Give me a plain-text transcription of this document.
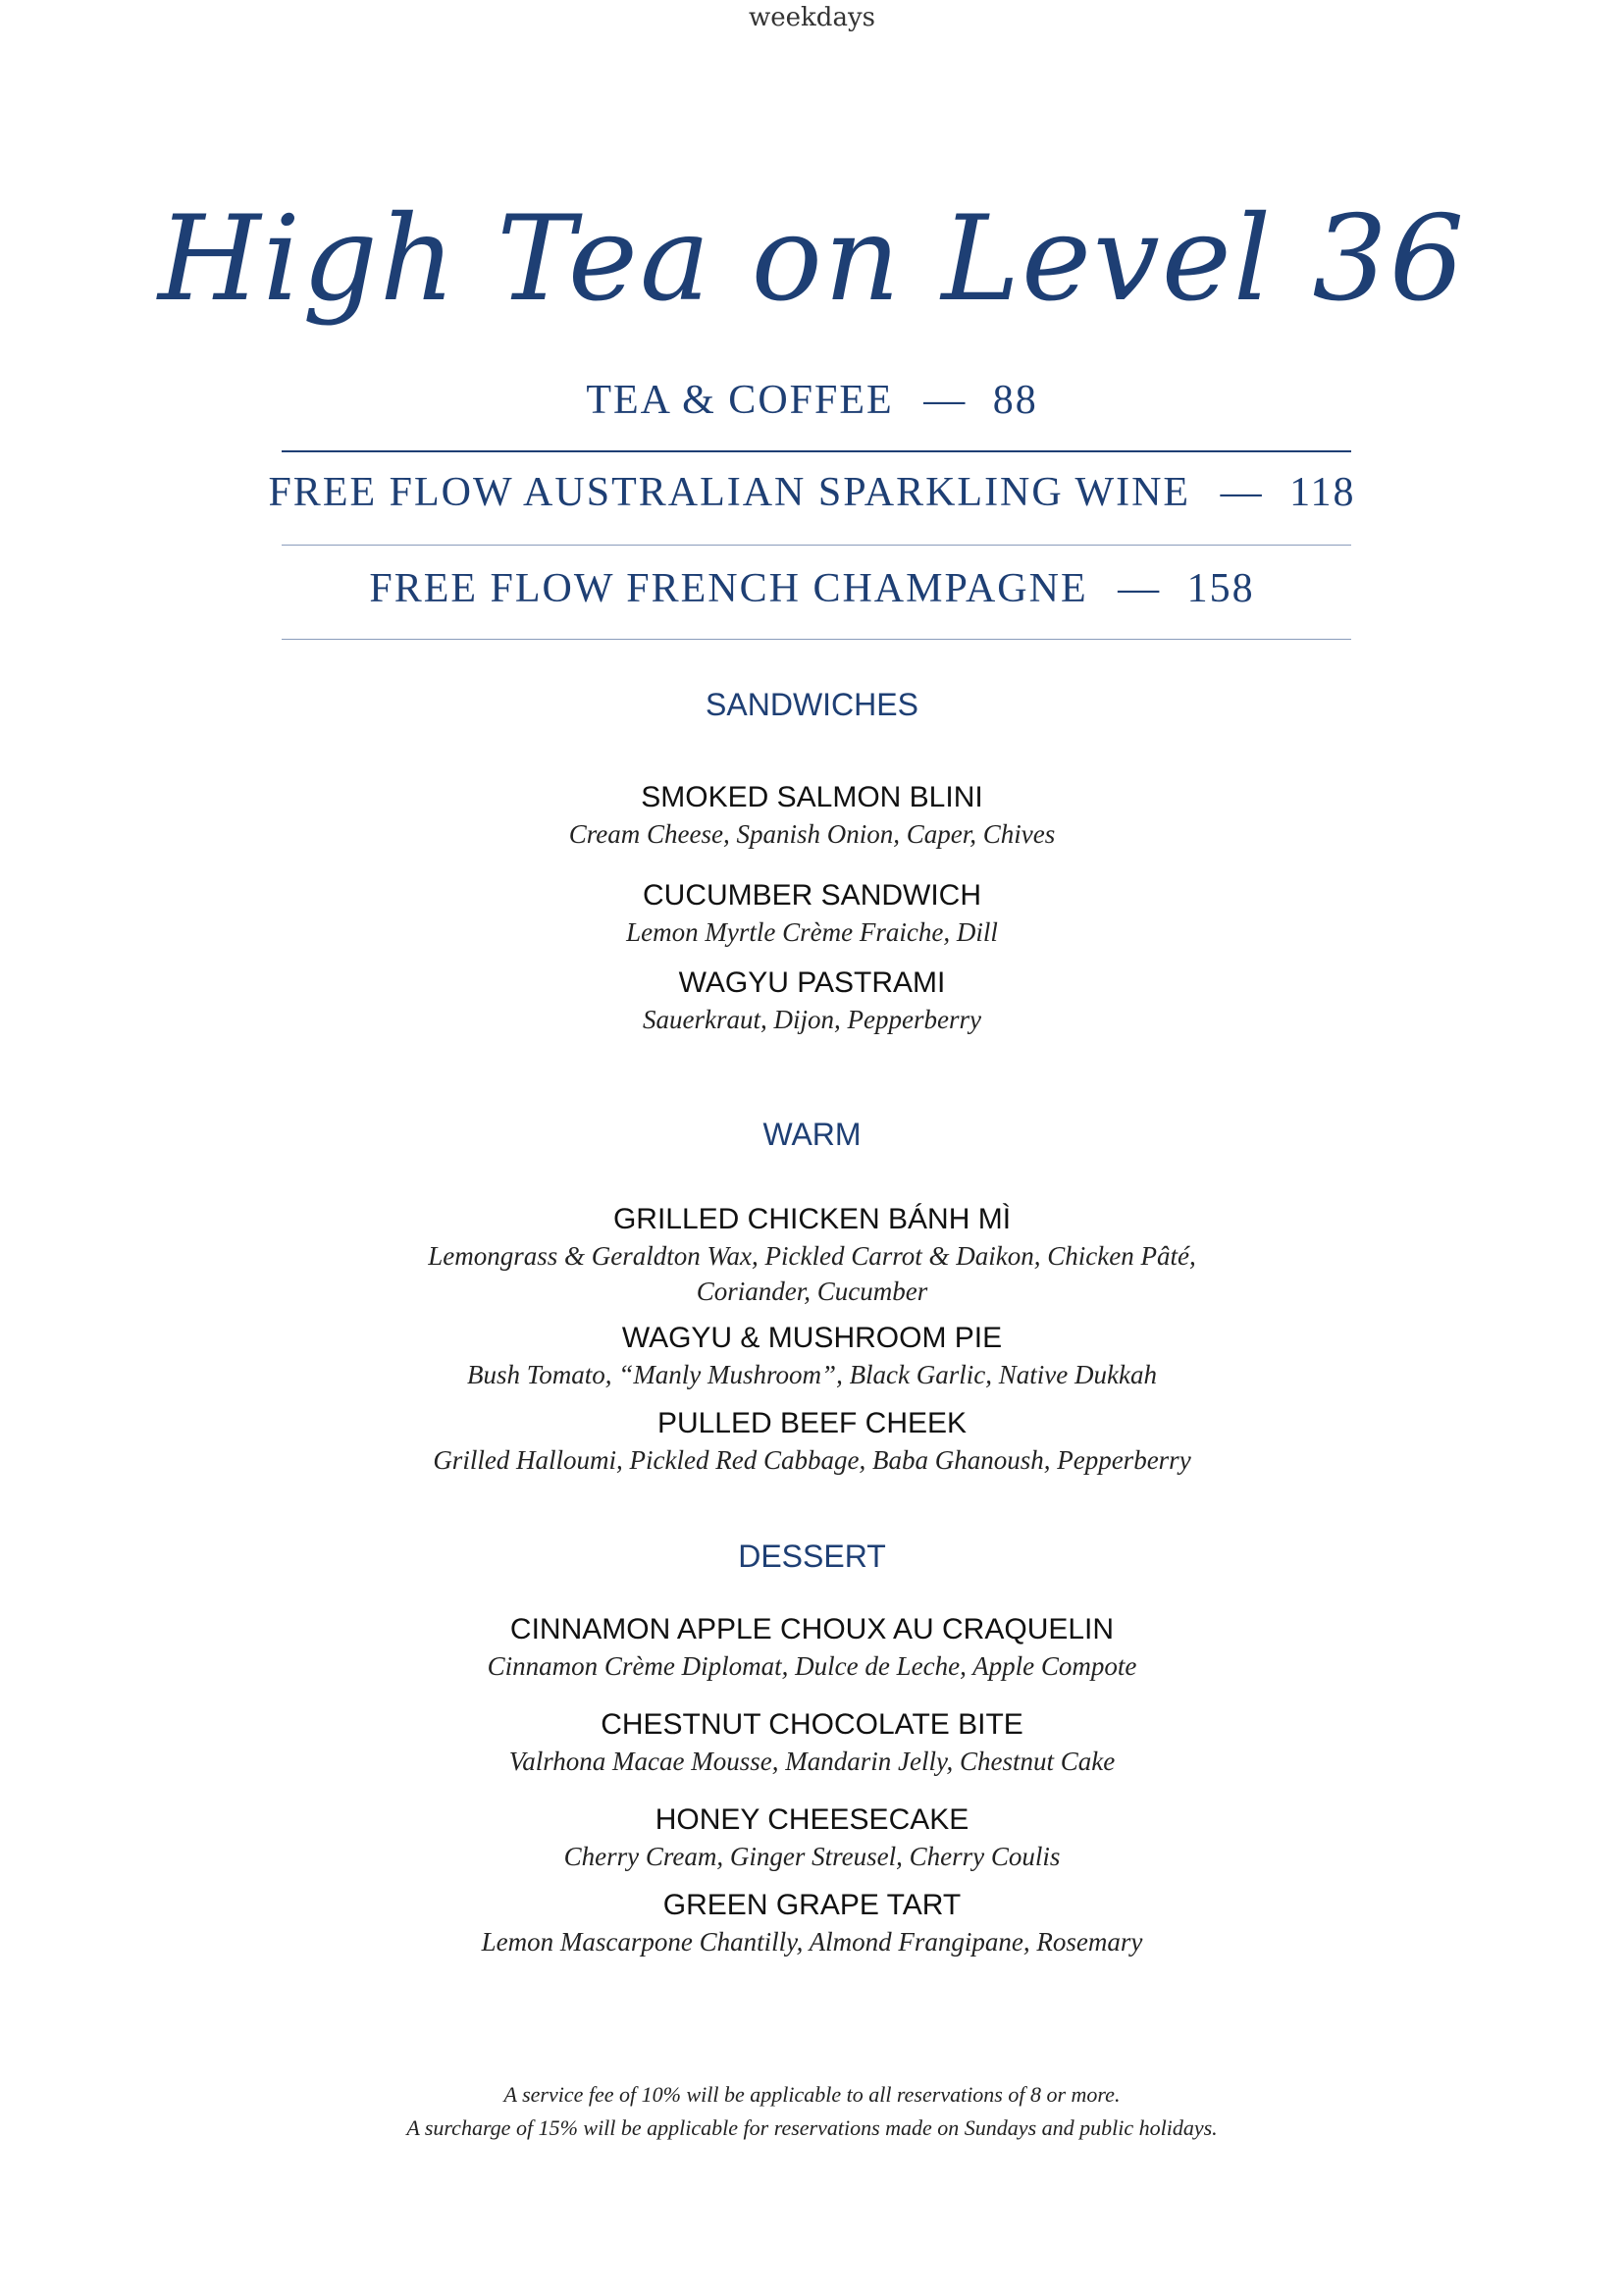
weekdays
High Tea on Level 36
TEA & COFFEE — 88
FREE FLOW AUSTRALIAN SPARKLING WINE — 118
FREE FLOW FRENCH CHAMPAGNE — 158
SANDWICHES
SMOKED SALMON BLINI
Cream Cheese, Spanish Onion, Caper, Chives
CUCUMBER SANDWICH
Lemon Myrtle Crème Fraiche, Dill
WAGYU PASTRAMI
Sauerkraut, Dijon, Pepperberry
WARM
GRILLED CHICKEN BÁNH MÌ
Lemongrass & Geraldton Wax, Pickled Carrot & Daikon, Chicken Pâté,
Coriander, Cucumber
WAGYU & MUSHROOM PIE
Bush Tomato, “Manly Mushroom”, Black Garlic, Native Dukkah
PULLED BEEF CHEEK
Grilled Halloumi, Pickled Red Cabbage, Baba Ghanoush, Pepperberry
DESSERT
CINNAMON APPLE CHOUX AU CRAQUELIN
Cinnamon Crème Diplomat, Dulce de Leche, Apple Compote
CHESTNUT CHOCOLATE BITE
Valrhona Macae Mousse, Mandarin Jelly, Chestnut Cake
HONEY CHEESECAKE
Cherry Cream, Ginger Streusel, Cherry Coulis
GREEN GRAPE TART
Lemon Mascarpone Chantilly, Almond Frangipane, Rosemary
A service fee of 10% will be applicable to all reservations of 8 or more.
A surcharge of 15% will be applicable for reservations made on Sundays and public holidays.
